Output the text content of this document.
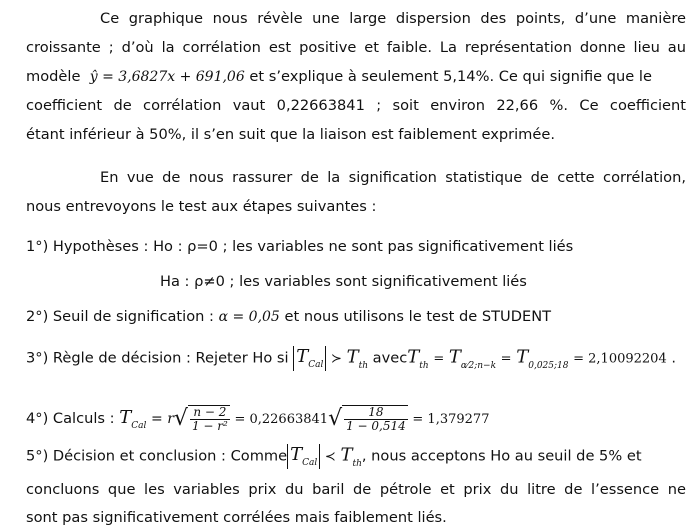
Ce graphique nous révèle une large dispersion des points, d’une manière
croissante ; d’où la corrélation est positive et faible. La représentation donne lieu au
modèle ŷ = 3,6827x + 691,06 et s’explique à seulement 5,14%. Ce qui signifie que le
coefficient de corrélation vaut 0,22663841 ; soit environ 22,66 %. Ce coefficient
étant inférieur à 50%, il s’en suit que la liaison est faiblement exprimée.
En vue de nous rassurer de la signification statistique de cette corrélation,
nous entrevoyons le test aux étapes suivantes :
1°) Hypothèses : Ho : ρ=0 ; les variables ne sont pas significativement liés
Ha : ρ≠0 ; les variables sont significativement liés
2°) Seuil de signification : α = 0,05 et nous utilisons le test de STUDENT
3°) Règle de décision : Rejeter Ho si $T_{Cal}$ ≻ $T_{th}$ avecT$_{th}$ = $T_{\alpha⁄2;n-k} = T_{0,025;18} = 2,10092204$ .
4°) Calculs : $T_{Cal} = r√ \frac{n - 2}{\text{1 − r²}} = 0,22663841√ \frac{18}{1 - 0,514} = 1,379277$
5°) Décision et conclusion : Comme $T_{Cal}$ ≺ $T_{th}$, nous acceptons Ho au seuil de 5% et
concluons que les variables prix du baril de pétrole et prix du litre de l’essence ne
sont pas significativement corrélées mais faiblement liés.
